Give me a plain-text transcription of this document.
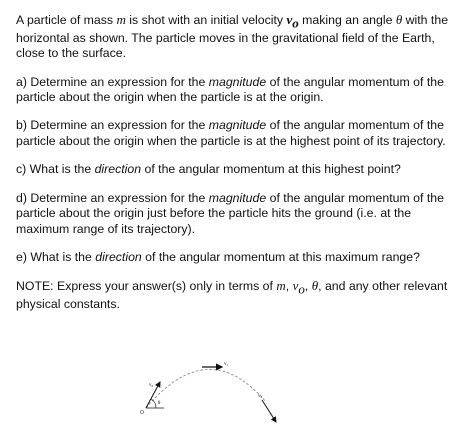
A particle of mass m is shot with an initial velocity $v_o$ making an angle θ with the horizontal as shown. The particle moves in the gravitational field of the Earth, close to the surface.

a) Determine an expression for the magnitude of the angular momentum of the particle about the origin when the particle is at the origin.

b) Determine an expression for the magnitude of the angular momentum of the particle about the origin when the particle is at the highest point of its trajectory.

c) What is the direction of the angular momentum at this highest point?

d) Determine an expression for the magnitude of the angular momentum of the particle about the origin just before the particle hits the ground (i.e. at the maximum range of its trajectory).

e) What is the direction of the angular momentum at this maximum range?

NOTE: Express your answer(s) only in terms of m, $v_o$, θ, and any other relevant physical constants.

O
v₀
θ
v₁
v₂
